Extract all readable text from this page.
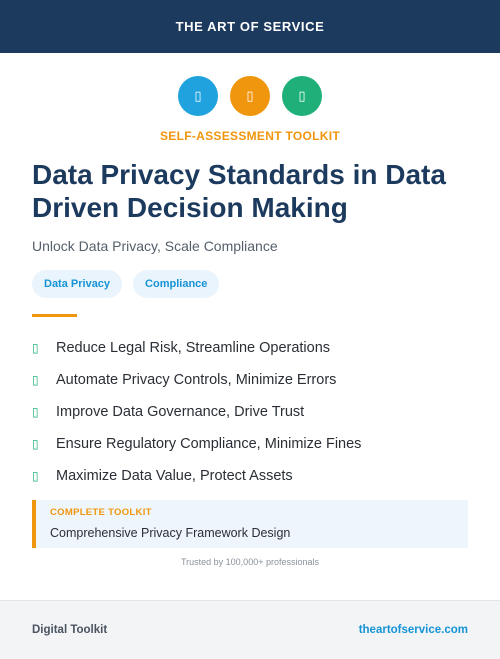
THE ART OF SERVICE
▯	▯	▯
SELF-ASSESSMENT TOOLKIT
Data Privacy Standards in Data Driven Decision Making
Unlock Data Privacy, Scale Compliance
Data Privacy	Compliance
▯	Reduce Legal Risk, Streamline Operations
▯	Automate Privacy Controls, Minimize Errors
▯	Improve Data Governance, Drive Trust
▯	Ensure Regulatory Compliance, Minimize Fines
▯	Maximize Data Value, Protect Assets
COMPLETE TOOLKIT
Comprehensive Privacy Framework Design
Trusted by 100,000+ professionals
Digital Toolkit	theartofservice.com
